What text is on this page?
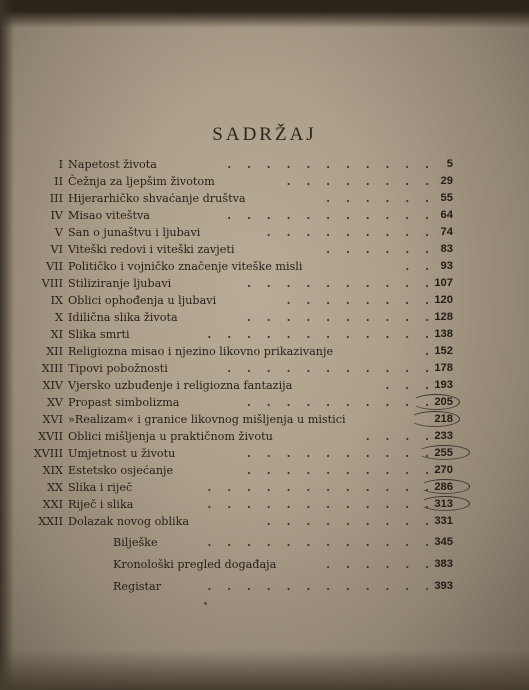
SADRŽAJ
I Napetost života	. . . . . . . . . . .	5
II Čežnja za ljepšim životom	. . . . . . . . 29
III Hijerarhičko shvaćanje društva	. . . . . . 55
IV Misao viteštva	. . . . . . . . . . . 64
V San o junaštvu i ljubavi	. . . . . . . . . 74
VI Viteški redovi i viteški zavjeti	. . . . . . 83
VII Političko i vojničko značenje viteške misli	. . 93
VIII Stiliziranje ljubavi	. . . . . . . . . . 107
IX Oblici ophođenja u ljubavi	. . . . . . . . 120
X Idilična slika života	. . . . . . . . . . 128
XI Slika smrti	. . . . . . . . . . . . 138
XII Religiozna misao i njezino likovno prikazivanje	. 152
XIII Tipovi pobožnosti	. . . . . . . . . . . 178
XIV Vjersko uzbuđenje i religiozna fantazija	. . . 193
XV Propast simbolizma	. . . . . . . . . . 205
XVI »Realizam« i granice likovnog mišljenja u mistici	218
XVII Oblici mišljenja u praktičnom životu	. . . . 233
XVIII Umjetnost u životu	. . . . . . . . . . 255
XIX Estetsko osjećanje	. . . . . . . . . . 270
XX Slika i riječ	. . . . . . . . . . . . 286
XXI Riječ i slika	. . . . . . . . . . . . 313
XXII Dolazak novog oblika	. . . . . . . . . 331
Bilješke	. . . . . . . . . . . . 345
Kronološki pregled događaja	. . . . . . 383
Registar	. . . . . . . . . . . . 393
